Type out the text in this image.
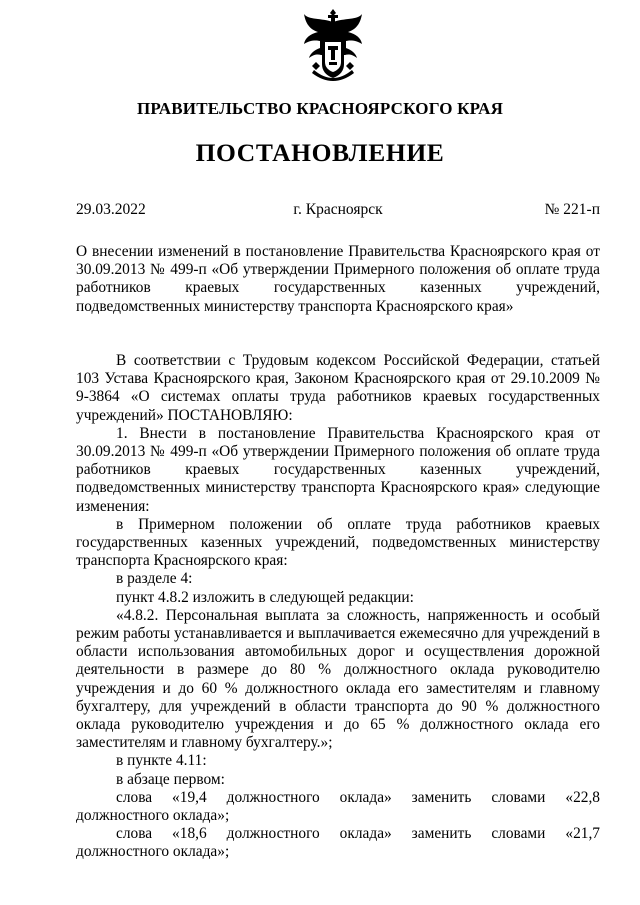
ПРАВИТЕЛЬСТВО КРАСНОЯРСКОГО КРАЯ
ПОСТАНОВЛЕНИЕ
29.03.2022	г. Красноярск	№ 221-п
О внесении изменений в постановление Правительства Красноярского края от 30.09.2013 № 499-п «Об утверждении Примерного положения об оплате труда работников краевых государственных казенных учреждений, подведомственных министерству транспорта Красноярского края»

В соответствии с Трудовым кодексом Российской Федерации, статьей 103 Устава Красноярского края, Законом Красноярского края от 29.10.2009 № 9-3864 «О системах оплаты труда работников краевых государственных учреждений» ПОСТАНОВЛЯЮ:

1. Внести в постановление Правительства Красноярского края от 30.09.2013 № 499-п «Об утверждении Примерного положения об оплате труда работников краевых государственных казенных учреждений, подведомственных министерству транспорта Красноярского края» следующие изменения:

в Примерном положении об оплате труда работников краевых государственных казенных учреждений, подведомственных министерству транспорта Красноярского края:

в разделе 4:

пункт 4.8.2 изложить в следующей редакции:

«4.8.2. Персональная выплата за сложность, напряженность и особый режим работы устанавливается и выплачивается ежемесячно для учреждений в области использования автомобильных дорог и осуществления дорожной деятельности в размере до 80 % должностного оклада руководителю учреждения и до 60 % должностного оклада его заместителям и главному бухгалтеру, для учреждений в области транспорта до 90 % должностного оклада руководителю учреждения и до 65 % должностного оклада его заместителям и главному бухгалтеру.»;

в пункте 4.11:

в абзаце первом:

слова «19,4 должностного оклада» заменить словами «22,8 должностного оклада»;

слова «18,6 должностного оклада» заменить словами «21,7 должностного оклада»;
